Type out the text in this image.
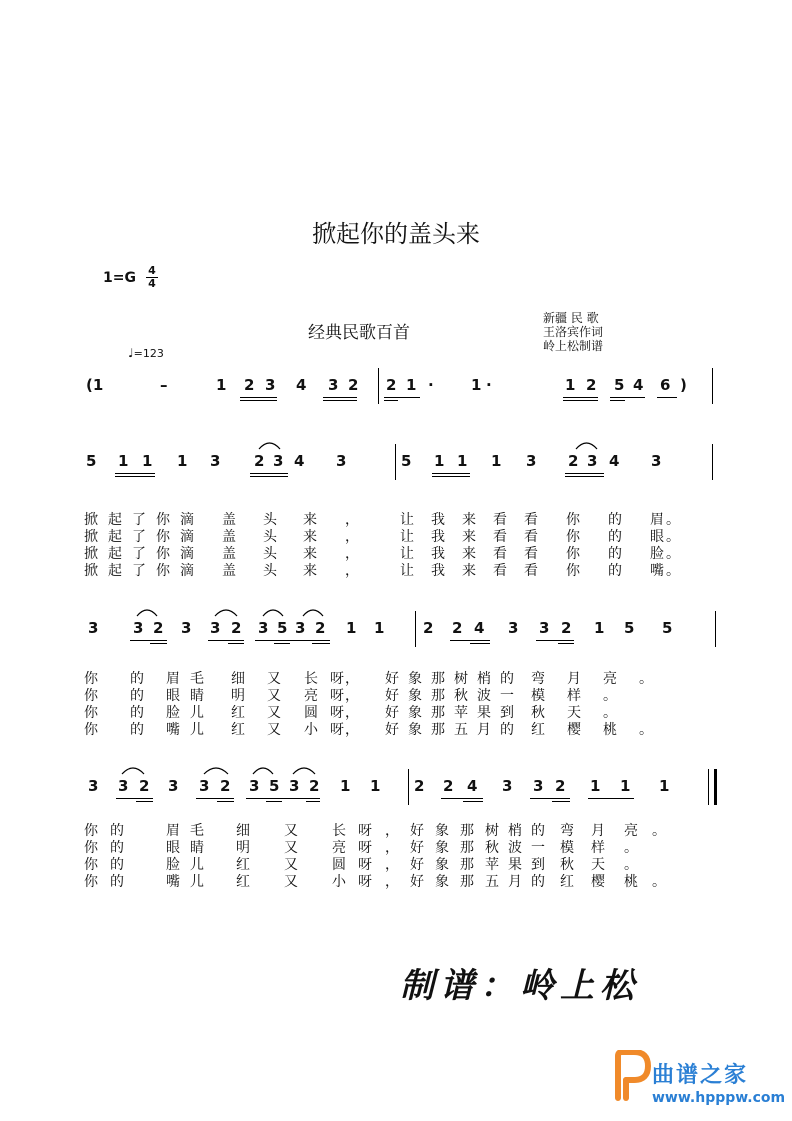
掀起你的盖头来
1=G 4
4
经典民歌百首
新疆 民 歌
王洛宾作词
岭上松制谱
♩=123
(1	–	1 2 3 4 3 2 2 1 · 1 ·	1 2 5 4 6 )
5 1 1 1 3 2 3 4 3	5 1 1 1 3 2 3 4 3
3 3 2 3 3 2 3 5 3 2 1 1	2 2 4 3 3 2 1 5 5
3 3 2 3 3 2 3 5 3 2 1 1 2 2 4 3 3 2 1 1 1
掀 起 了 你 滴 盖 头 来 ，	让 我 来 看 看 你 的 眉 。
掀 起 了 你 滴 盖 头 来 ，	让 我 来 看 看 你 的 眼 。
掀 起 了 你 滴 盖 头 来 ，	让 我 来 看 看 你 的 脸 。
掀 起 了 你 滴 盖 头 来 ，	让 我 来 看 看 你 的 嘴 。
你 的 眉 毛 细 又 长 呀 ， 好 象 那 树 梢 的 弯 月 亮 。
你 的 眼 睛 明 又 亮 呀 ， 好 象 那 秋 波 一 模 样 。
你 的 脸 儿 红 又 圆 呀 ， 好 象 那 苹 果 到 秋 天 。
你 的 嘴 儿 红 又 小 呀 ， 好 象 那 五 月 的 红 樱 桃 。
你 的	眉 毛 细 又 长 呀 ， 好 象 那 树 梢 的 弯 月 亮 。
你 的	眼 睛 明 又 亮 呀 ， 好 象 那 秋 波 一 模 样 。
你 的	脸 儿 红 又 圆 呀 ， 好 象 那 苹 果 到 秋 天 。
你 的	嘴 儿 红 又 小 呀 ， 好 象 那 五 月 的 红 樱 桃 。
制谱：岭上松
曲谱之家
www.hpppw.com
